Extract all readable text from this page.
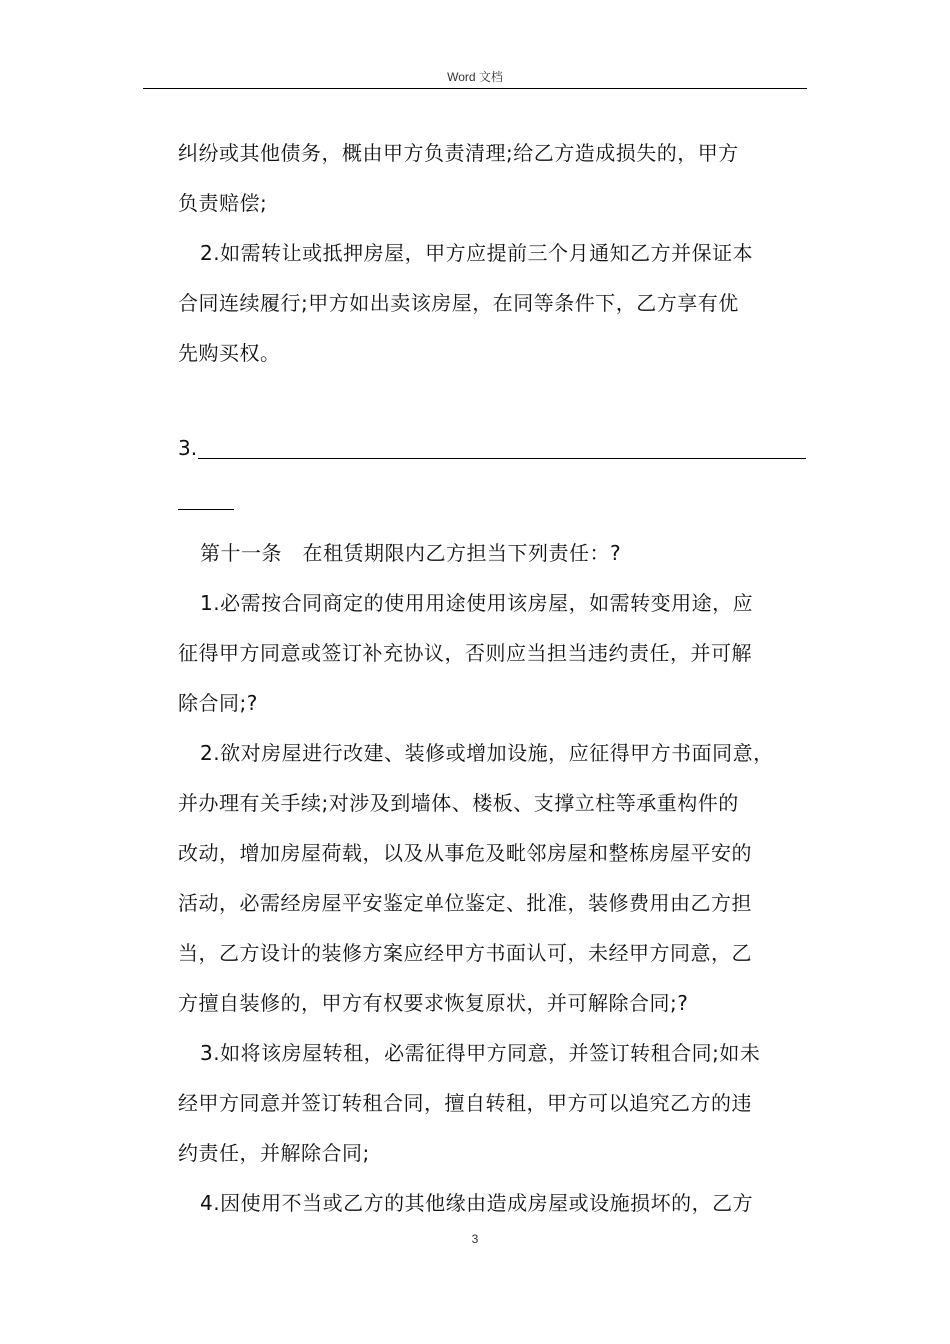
Word 文档

纠纷或其他债务，概由甲方负责清理;给乙方造成损失的，甲方

负责赔偿;

2.如需转让或抵押房屋，甲方应提前三个月通知乙方并保证本

合同连续履行;甲方如出卖该房屋，在同等条件下，乙方享有优

先购买权。

第十一条　在租赁期限内乙方担当下列责任：?

1.必需按合同商定的使用用途使用该房屋，如需转变用途，应

征得甲方同意或签订补充协议，否则应当担当违约责任，并可解

除合同;?

2.欲对房屋进行改建、装修或增加设施，应征得甲方书面同意，

并办理有关手续;对涉及到墙体、楼板、支撑立柱等承重构件的

改动，增加房屋荷载，以及从事危及毗邻房屋和整栋房屋平安的

活动，必需经房屋平安鉴定单位鉴定、批准，装修费用由乙方担

当，乙方设计的装修方案应经甲方书面认可，未经甲方同意，乙

方擅自装修的，甲方有权要求恢复原状，并可解除合同;?

3.如将该房屋转租，必需征得甲方同意，并签订转租合同;如未

经甲方同意并签订转租合同，擅自转租，甲方可以追究乙方的违

约责任，并解除合同;

4.因使用不当或乙方的其他缘由造成房屋或设施损坏的，乙方

3.
3
